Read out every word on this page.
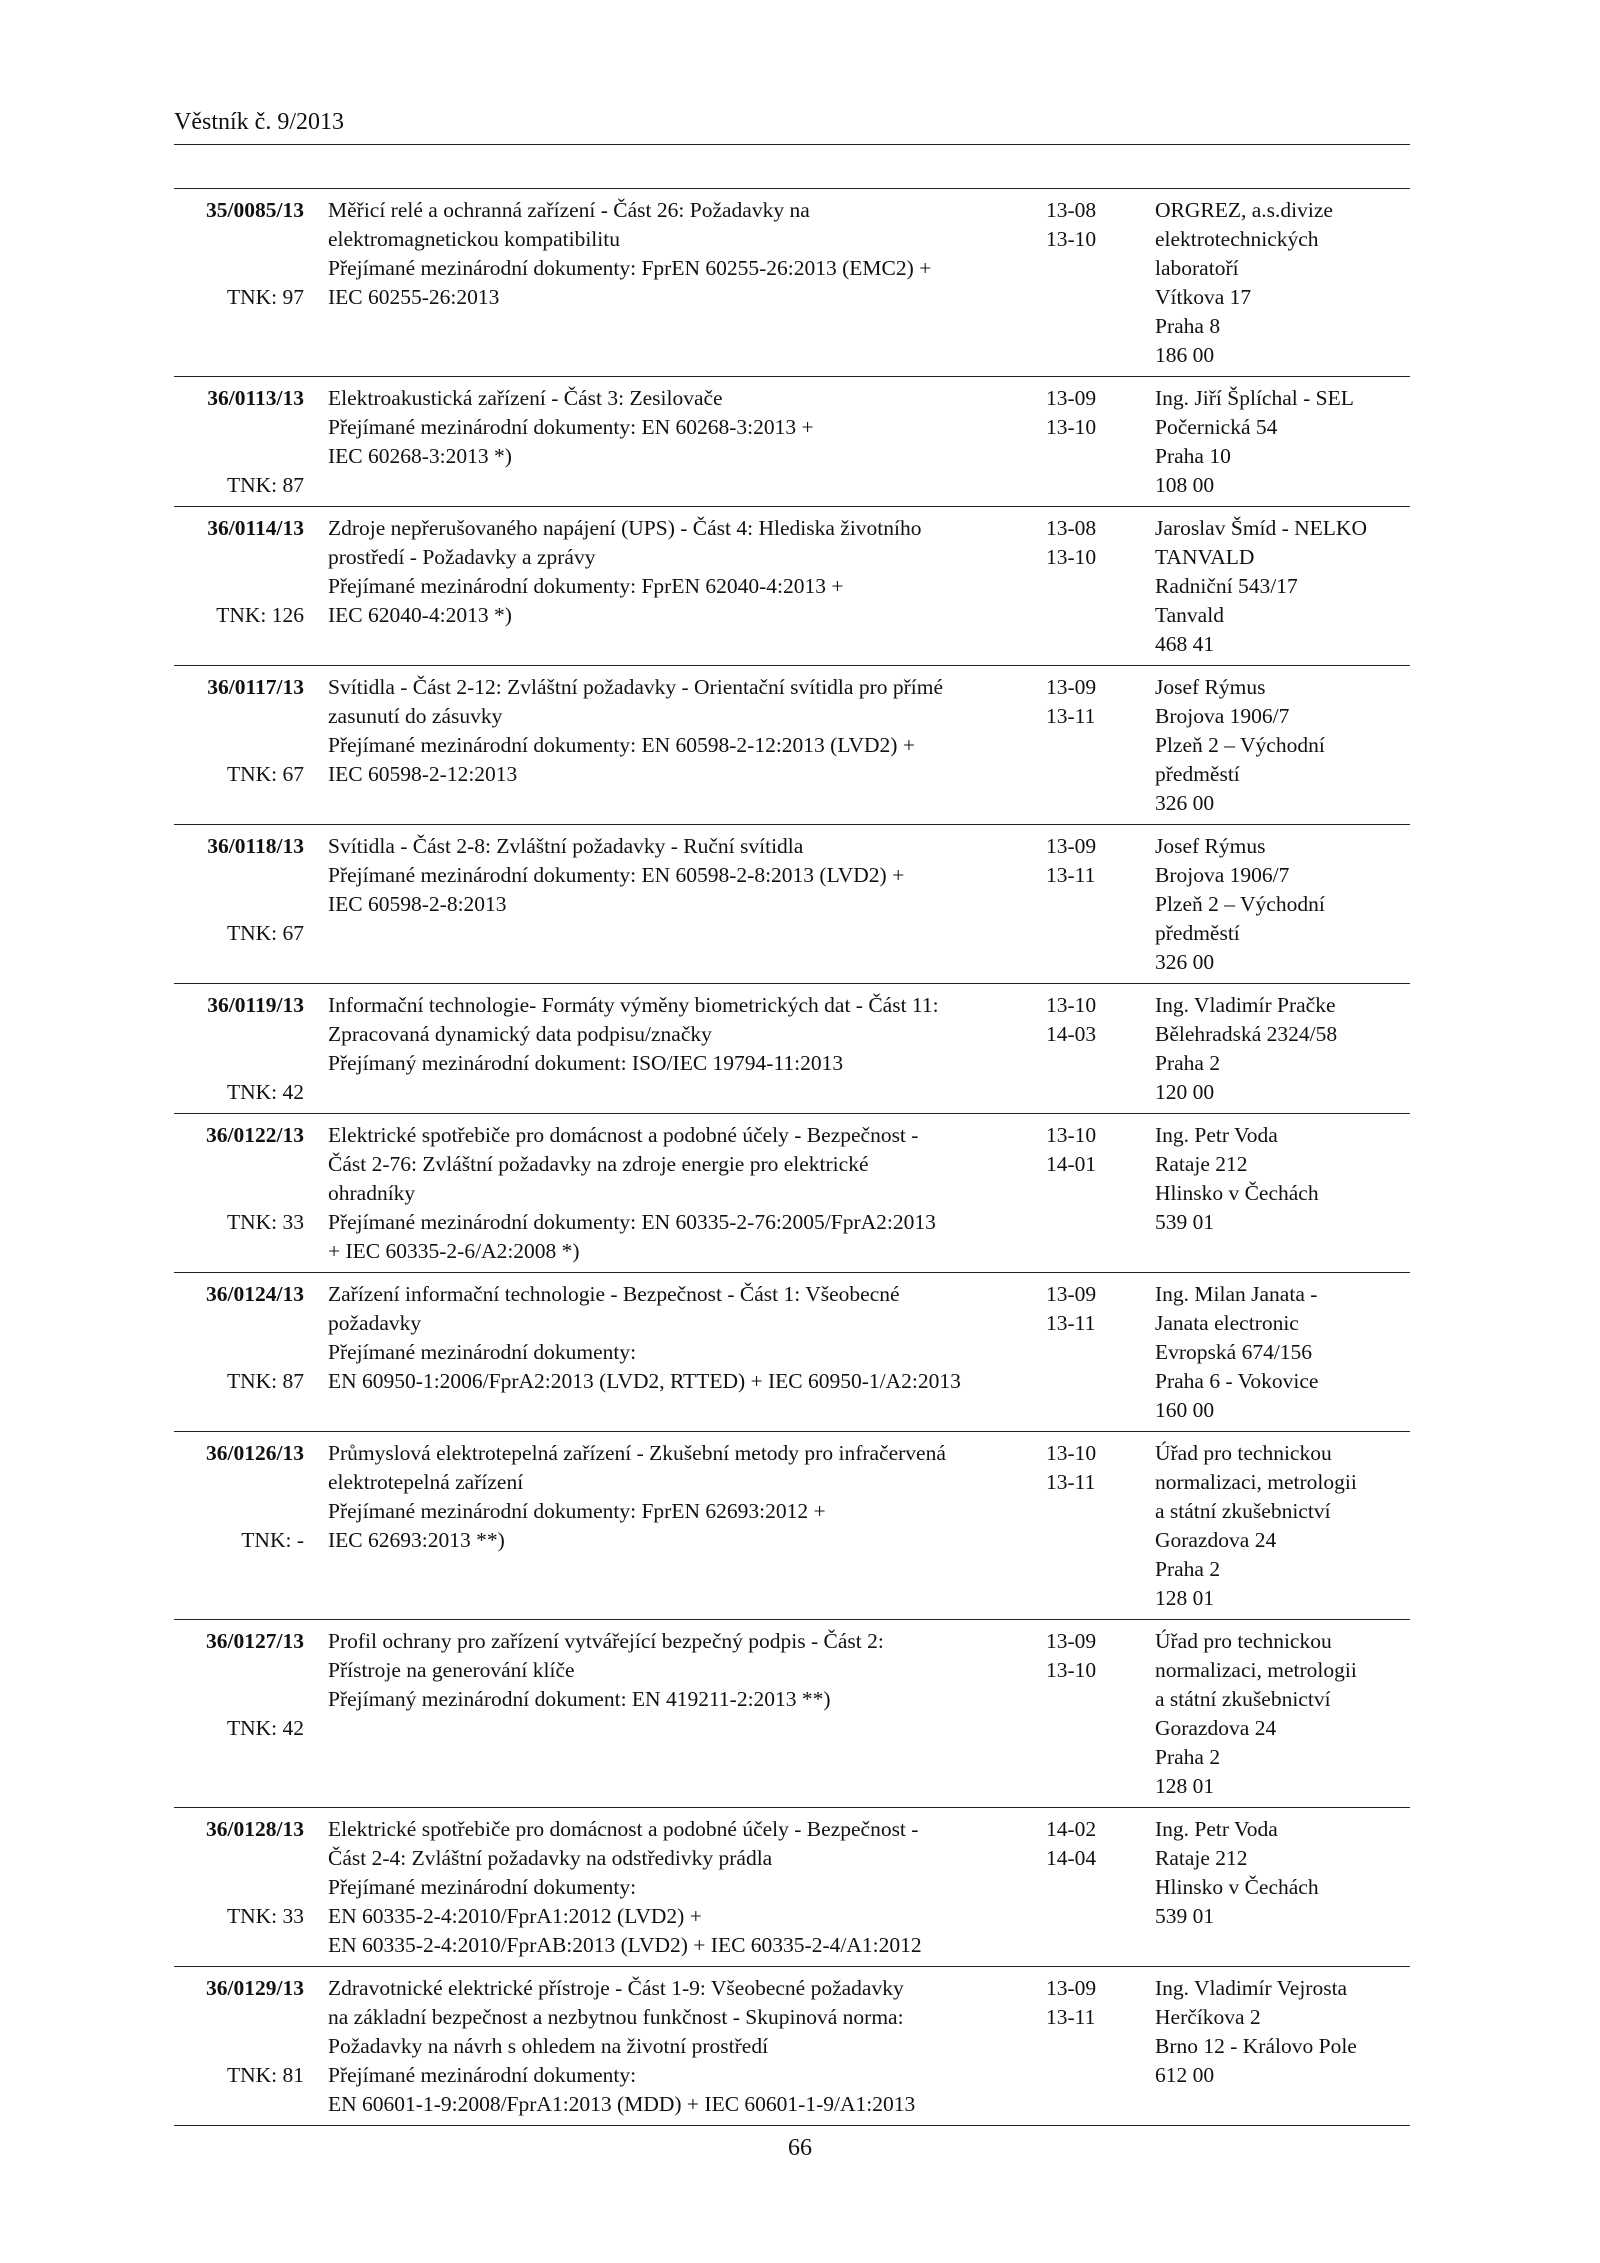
Věstník č. 9/2013
35/0085/13
TNK: 97
Měřicí relé a ochranná zařízení - Část 26: Požadavky na
elektromagnetickou kompatibilitu
Přejímané mezinárodní dokumenty: FprEN 60255-26:2013 (EMC2) +
IEC 60255-26:2013
13-08
13-10
ORGREZ, a.s.divize
elektrotechnických
laboratoří
Vítkova 17
Praha 8
186 00
36/0113/13
TNK: 87
Elektroakustická zařízení - Část 3: Zesilovače
Přejímané mezinárodní dokumenty: EN 60268-3:2013 +
IEC 60268-3:2013 *)
13-09
13-10
Ing. Jiří Šplíchal - SEL
Počernická 54
Praha 10
108 00
36/0114/13
TNK: 126
Zdroje nepřerušovaného napájení (UPS) - Část 4: Hlediska životního
prostředí - Požadavky a zprávy
Přejímané mezinárodní dokumenty: FprEN 62040-4:2013 +
IEC 62040-4:2013 *)
13-08
13-10
Jaroslav Šmíd - NELKO
TANVALD
Radniční 543/17
Tanvald
468 41
36/0117/13
TNK: 67
Svítidla - Část 2-12: Zvláštní požadavky - Orientační svítidla pro přímé
zasunutí do zásuvky
Přejímané mezinárodní dokumenty: EN 60598-2-12:2013 (LVD2) +
IEC 60598-2-12:2013
13-09
13-11
Josef Rýmus
Brojova 1906/7
Plzeň 2 – Východní
předměstí
326 00
36/0118/13
TNK: 67
Svítidla - Část 2-8: Zvláštní požadavky - Ruční svítidla
Přejímané mezinárodní dokumenty: EN 60598-2-8:2013 (LVD2) +
IEC 60598-2-8:2013
13-09
13-11
Josef Rýmus
Brojova 1906/7
Plzeň 2 – Východní
předměstí
326 00
36/0119/13
TNK: 42
Informační technologie- Formáty výměny biometrických dat - Část 11:
Zpracovaná dynamický data podpisu/značky
Přejímaný mezinárodní dokument: ISO/IEC 19794-11:2013
13-10
14-03
Ing. Vladimír Pračke
Bělehradská 2324/58
Praha 2
120 00
36/0122/13
TNK: 33
Elektrické spotřebiče pro domácnost a podobné účely - Bezpečnost -
Část 2-76: Zvláštní požadavky na zdroje energie pro elektrické
ohradníky
Přejímané mezinárodní dokumenty: EN 60335-2-76:2005/FprA2:2013
+ IEC 60335-2-6/A2:2008 *)
13-10
14-01
Ing. Petr Voda
Rataje 212
Hlinsko v Čechách
539 01
36/0124/13
TNK: 87
Zařízení informační technologie - Bezpečnost - Část 1: Všeobecné
požadavky
Přejímané mezinárodní dokumenty:
EN 60950-1:2006/FprA2:2013 (LVD2, RTTED) + IEC 60950-1/A2:2013
13-09
13-11
Ing. Milan Janata -
Janata electronic
Evropská 674/156
Praha 6 - Vokovice
160 00
36/0126/13
TNK: -
Průmyslová elektrotepelná zařízení - Zkušební metody pro infračervená
elektrotepelná zařízení
Přejímané mezinárodní dokumenty: FprEN 62693:2012 +
IEC 62693:2013 **)
13-10
13-11
Úřad pro technickou
normalizaci, metrologii
a státní zkušebnictví
Gorazdova 24
Praha 2
128 01
36/0127/13
TNK: 42
Profil ochrany pro zařízení vytvářející bezpečný podpis - Část 2:
Přístroje na generování klíče
Přejímaný mezinárodní dokument: EN 419211-2:2013 **)
13-09
13-10
Úřad pro technickou
normalizaci, metrologii
a státní zkušebnictví
Gorazdova 24
Praha 2
128 01
36/0128/13
TNK: 33
Elektrické spotřebiče pro domácnost a podobné účely - Bezpečnost -
Část 2-4: Zvláštní požadavky na odstředivky prádla
Přejímané mezinárodní dokumenty:
EN 60335-2-4:2010/FprA1:2012 (LVD2) +
EN 60335-2-4:2010/FprAB:2013 (LVD2) + IEC 60335-2-4/A1:2012
14-02
14-04
Ing. Petr Voda
Rataje 212
Hlinsko v Čechách
539 01
36/0129/13
TNK: 81
Zdravotnické elektrické přístroje - Část 1-9: Všeobecné požadavky
na základní bezpečnost a nezbytnou funkčnost - Skupinová norma:
Požadavky na návrh s ohledem na životní prostředí
Přejímané mezinárodní dokumenty:
EN 60601-1-9:2008/FprA1:2013 (MDD) + IEC 60601-1-9/A1:2013
13-09
13-11
Ing. Vladimír Vejrosta
Herčíkova 2
Brno 12 - Královo Pole
612 00
66
